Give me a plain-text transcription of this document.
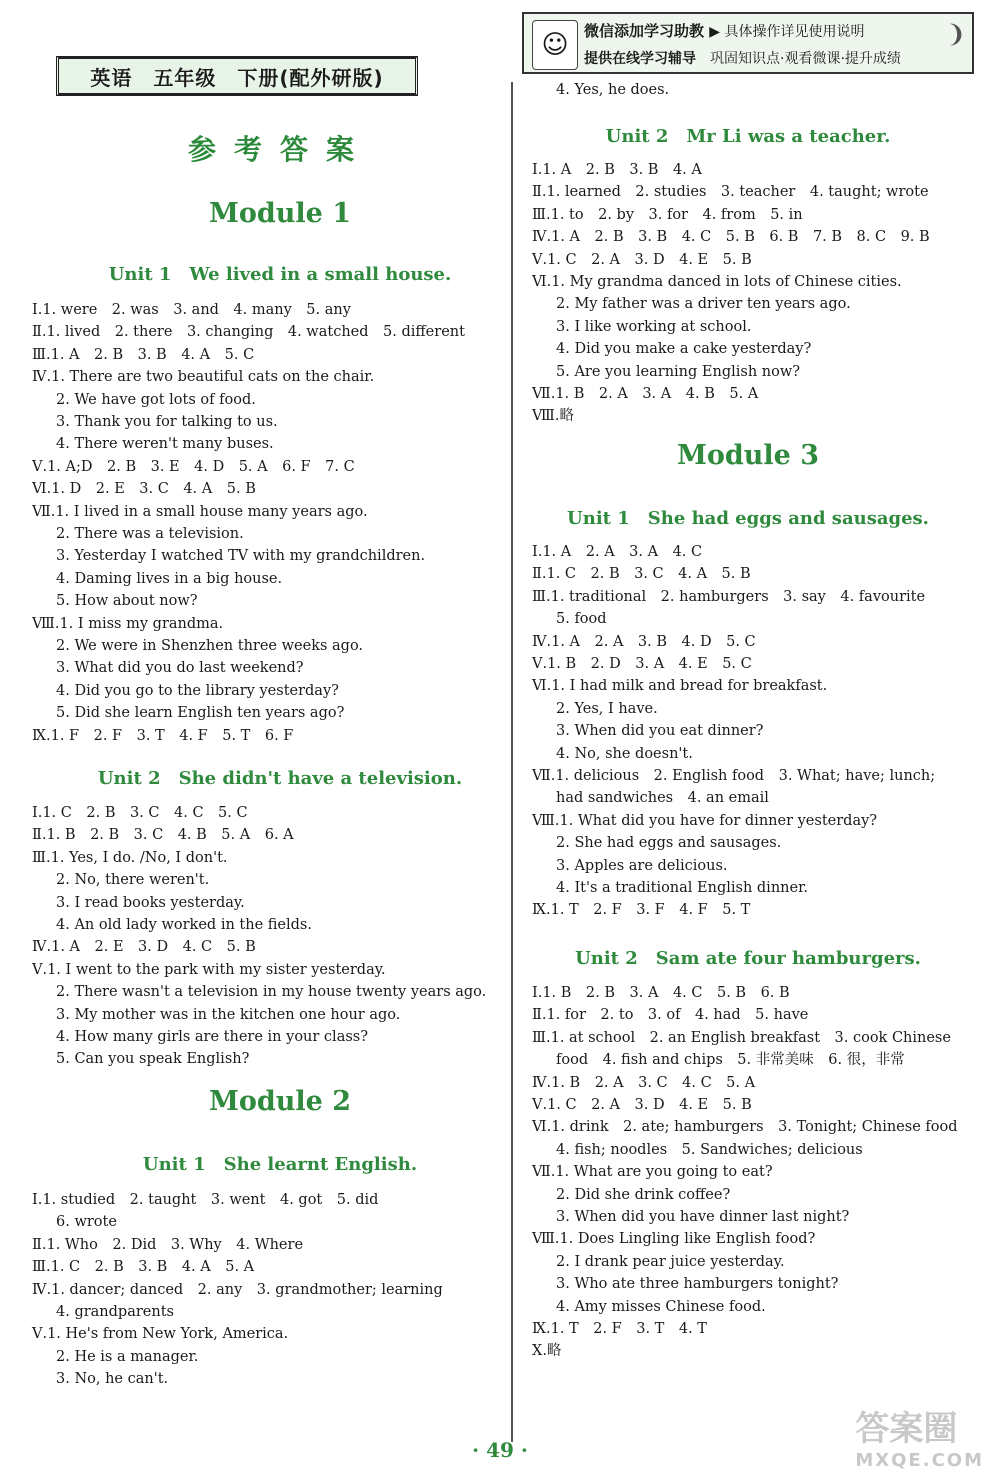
英语　五年级　下册(配外研版)
☺	微信添加学习助教 ▶ 具体操作详见使用说明
提供在线学习辅导　 巩固知识点·观看微课·提升成绩
❩
参考答案
Module 1
Unit 1　We lived in a small house.
Ⅰ.1. were　2. was　3. and　4. many　5. any
Ⅱ.1. lived　2. there　3. changing　4. watched　5. different
Ⅲ.1. A　2. B　3. B　4. A　5. C
Ⅳ.1. There are two beautiful cats on the chair.
2. We have got lots of food.
3. Thank you for talking to us.
4. There weren't many buses.
Ⅴ.1. A;D　2. B　3. E　4. D　5. A　6. F　7. C
Ⅵ.1. D　2. E　3. C　4. A　5. B
Ⅶ.1. I lived in a small house many years ago.
2. There was a television.
3. Yesterday I watched TV with my grandchildren.
4. Daming lives in a big house.
5. How about now?
Ⅷ.1. I miss my grandma.
2. We were in Shenzhen three weeks ago.
3. What did you do last weekend?
4. Did you go to the library yesterday?
5. Did she learn English ten years ago?
Ⅸ.1. F　2. F　3. T　4. F　5. T　6. F
Unit 2　She didn't have a television.
Ⅰ.1. C　2. B　3. C　4. C　5. C
Ⅱ.1. B　2. B　3. C　4. B　5. A　6. A
Ⅲ.1. Yes, I do. /No, I don't.
2. No, there weren't.
3. I read books yesterday.
4. An old lady worked in the fields.
Ⅳ.1. A　2. E　3. D　4. C　5. B
Ⅴ.1. I went to the park with my sister yesterday.
2. There wasn't a television in my house twenty years ago.
3. My mother was in the kitchen one hour ago.
4. How many girls are there in your class?
5. Can you speak English?
Module 2
Unit 1　She learnt English.
Ⅰ.1. studied　2. taught　3. went　4. got　5. did
6. wrote
Ⅱ.1. Who　2. Did　3. Why　4. Where
Ⅲ.1. C　2. B　3. B　4. A　5. A
Ⅳ.1. dancer; danced　2. any　3. grandmother; learning
4. grandparents
Ⅴ.1. He's from New York, America.
2. He is a manager.
3. No, he can't.
4. Yes, he does.
Unit 2　Mr Li was a teacher.
Ⅰ.1. A　2. B　3. B　4. A
Ⅱ.1. learned　2. studies　3. teacher　4. taught; wrote
Ⅲ.1. to　2. by　3. for　4. from　5. in
Ⅳ.1. A　2. B　3. B　4. C　5. B　6. B　7. B　8. C　9. B
Ⅴ.1. C　2. A　3. D　4. E　5. B
Ⅵ.1. My grandma danced in lots of Chinese cities.
2. My father was a driver ten years ago.
3. I like working at school.
4. Did you make a cake yesterday?
5. Are you learning English now?
Ⅶ.1. B　2. A　3. A　4. B　5. A
Ⅷ.略
Module 3
Unit 1　She had eggs and sausages.
Ⅰ.1. A　2. A　3. A　4. C
Ⅱ.1. C　2. B　3. C　4. A　5. B
Ⅲ.1. traditional　2. hamburgers　3. say　4. favourite
5. food
Ⅳ.1. A　2. A　3. B　4. D　5. C
Ⅴ.1. B　2. D　3. A　4. E　5. C
Ⅵ.1. I had milk and bread for breakfast.
2. Yes, I have.
3. When did you eat dinner?
4. No, she doesn't.
Ⅶ.1. delicious　2. English food　3. What; have; lunch;
had sandwiches　4. an email
Ⅷ.1. What did you have for dinner yesterday?
2. She had eggs and sausages.
3. Apples are delicious.
4. It's a traditional English dinner.
Ⅸ.1. T　2. F　3. F　4. F　5. T
Unit 2　Sam ate four hamburgers.
Ⅰ.1. B　2. B　3. A　4. C　5. B　6. B
Ⅱ.1. for　2. to　3. of　4. had　5. have
Ⅲ.1. at school　2. an English breakfast　3. cook Chinese
food　4. fish and chips　5. 非常美味　6. 很，非常
Ⅳ.1. B　2. A　3. C　4. C　5. A
Ⅴ.1. C　2. A　3. D　4. E　5. B
Ⅵ.1. drink　2. ate; hamburgers　3. Tonight; Chinese food
4. fish; noodles　5. Sandwiches; delicious
Ⅶ.1. What are you going to eat?
2. Did she drink coffee?
3. When did you have dinner last night?
Ⅷ.1. Does Lingling like English food?
2. I drank pear juice yesterday.
3. Who ate three hamburgers tonight?
4. Amy misses Chinese food.
Ⅸ.1. T　2. F　3. T　4. T
Ⅹ.略
· 49 ·
答案圈
MXQE.COM
